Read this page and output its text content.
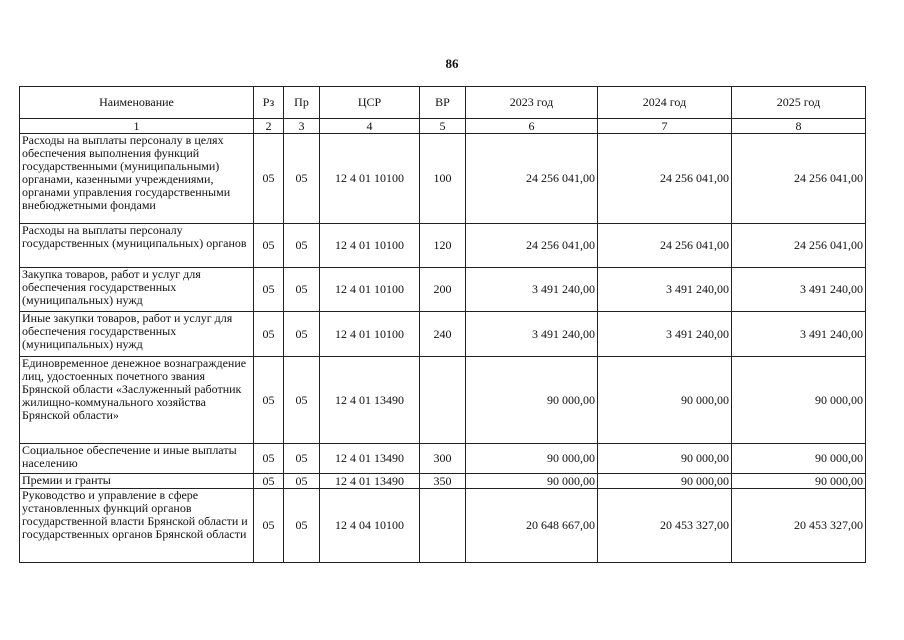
86
Наименование	Рз	Пр	ЦСР	ВР	2023 год	2024 год	2025 год
1	2	3	4	5	6	7	8
Расходы на выплаты персоналу в целях обеспечения выполнения функций государственными (муниципальными) органами, казенными учреждениями, органами управления государственными внебюджетными фондами	05	05	12 4 01 10100	100	24 256 041,00	24 256 041,00	24 256 041,00
Расходы на выплаты персоналу государственных (муниципальных) органов	05	05	12 4 01 10100	120	24 256 041,00	24 256 041,00	24 256 041,00
Закупка товаров, работ и услуг для обеспечения государственных (муниципальных) нужд	05	05	12 4 01 10100	200	3 491 240,00	3 491 240,00	3 491 240,00
Иные закупки товаров, работ и услуг для обеспечения государственных (муниципальных) нужд	05	05	12 4 01 10100	240	3 491 240,00	3 491 240,00	3 491 240,00
Единовременное денежное вознаграждение лиц, удостоенных почетного звания Брянской области «Заслуженный работник жилищно-коммунального хозяйства Брянской области»	05	05	12 4 01 13490		90 000,00	90 000,00	90 000,00
Социальное обеспечение и иные выплаты населению	05	05	12 4 01 13490	300	90 000,00	90 000,00	90 000,00
Премии и гранты	05	05	12 4 01 13490	350	90 000,00	90 000,00	90 000,00
Руководство и управление в сфере установленных функций органов государственной власти Брянской области и государственных органов Брянской области	05	05	12 4 04 10100		20 648 667,00	20 453 327,00	20 453 327,00
